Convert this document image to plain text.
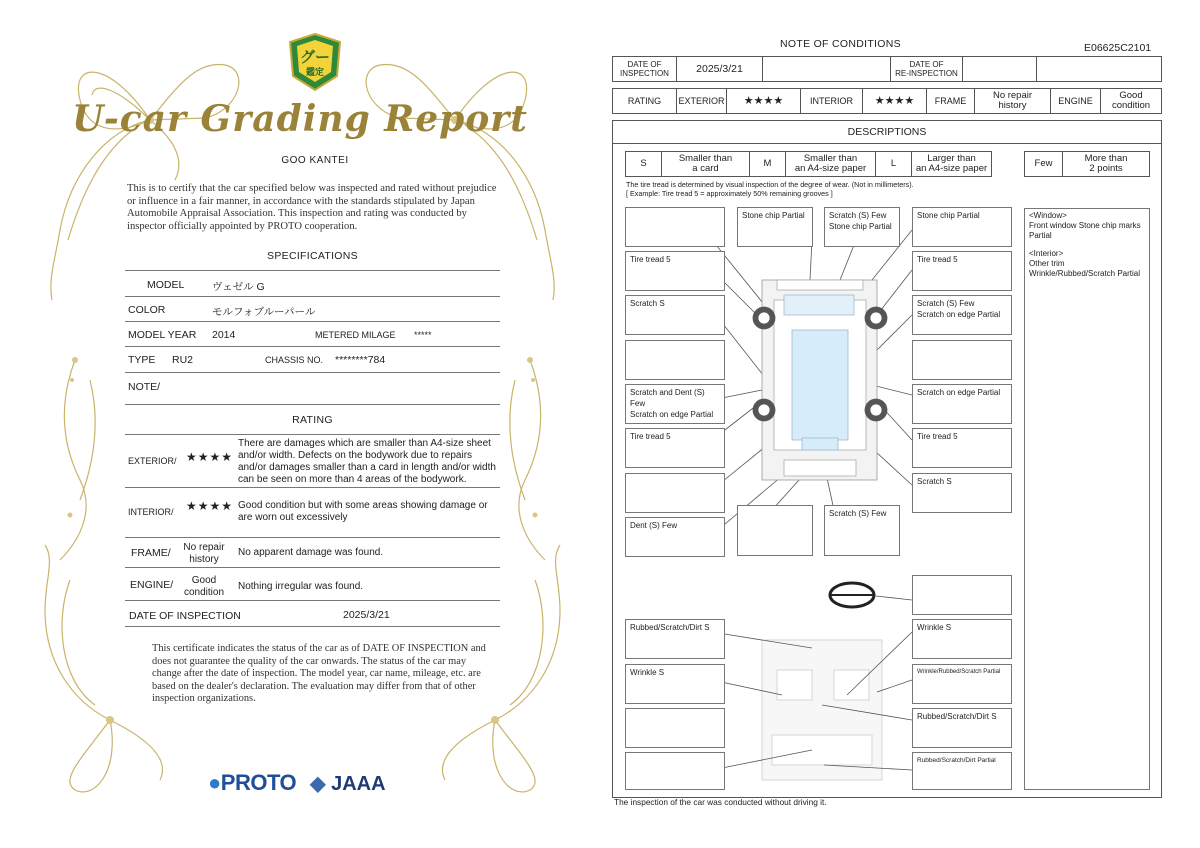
グー
鑑定
U-car Grading Report
GOO KANTEI
This is to certify that the car specified below was inspected and rated without prejudice or influence in a fair manner, in accordance with the standards stipulated by Japan Automobile Appraisal Association. This inspection and rating was conducted by inspector officially appointed by PROTO cooperation.
SPECIFICATIONS
MODEL	ヴェゼル G
COLOR	モルフォブルーパール
MODEL YEAR 2014	METERED MILAGE *****
TYPE RU2	CHASSIS NO. ********784
NOTE/
RATING
EXTERIOR/ ★★★★
There are damages which are smaller than A4-size sheet and/or width. Defects on the bodywork due to repairs and/or damages smaller than a card in length and/or width can be seen on more than 4 areas of the bodywork.
INTERIOR/ ★★★★ Good condition but with some areas showing damage or are worn out excessively
FRAME/	No repair
history
No apparent damage was found.
ENGINE/	Good
condition	Nothing irregular was found.
DATE OF INSPECTION	2025/3/21
This certificate indicates the status of the car as of DATE OF INSPECTION and does not guarantee the quality of the car onwards. The status of the car may change after the date of inspection. The model year, car name, mileage, etc. are based on the dealer's declaration. The evaluation may differ from that of other inspection organizations.
●PROTO ◆ JAAA
NOTE OF CONDITIONS	E06625C2101
DATE OF
INSPECTION	2025/3/21	DATE OF
RE-INSPECTION
RATING	EXTERIOR	★★★★	INTERIOR	★★★★	FRAME	No repair
history	ENGINE	Good
condition
DESCRIPTIONS
S	Smaller than
a card	M	Smaller than
an A4-size paper	L	Larger than
an A4-size paper	Few	More than
2 points
The tire tread is determined by visual inspection of the degree of wear. (Not in millimeters).
[ Example: Tire tread 5 = approximately 50% remaining grooves ]
Tire tread 5
Scratch S
Scratch and Dent (S) Few
Scratch on edge Partial
Tire tread 5
Dent (S) Few
Stone chip Partial	Scratch (S) Few
Stone chip Partial
Scratch (S) Few
Stone chip Partial
Tire tread 5
Scratch (S) Few
Scratch on edge Partial
Scratch on edge Partial
Tire tread 5
Scratch S
Rubbed/Scratch/Dirt S
Wrinkle S
Wrinkle S
Wrinkle/Rubbed/Scratch Partial
Rubbed/Scratch/Dirt S
Rubbed/Scratch/Dirt Partial
<Window>
Front window Stone chip marks Partial
<Interior>
Other trim Wrinkle/Rubbed/Scratch Partial
The inspection of the car was conducted without driving it.
